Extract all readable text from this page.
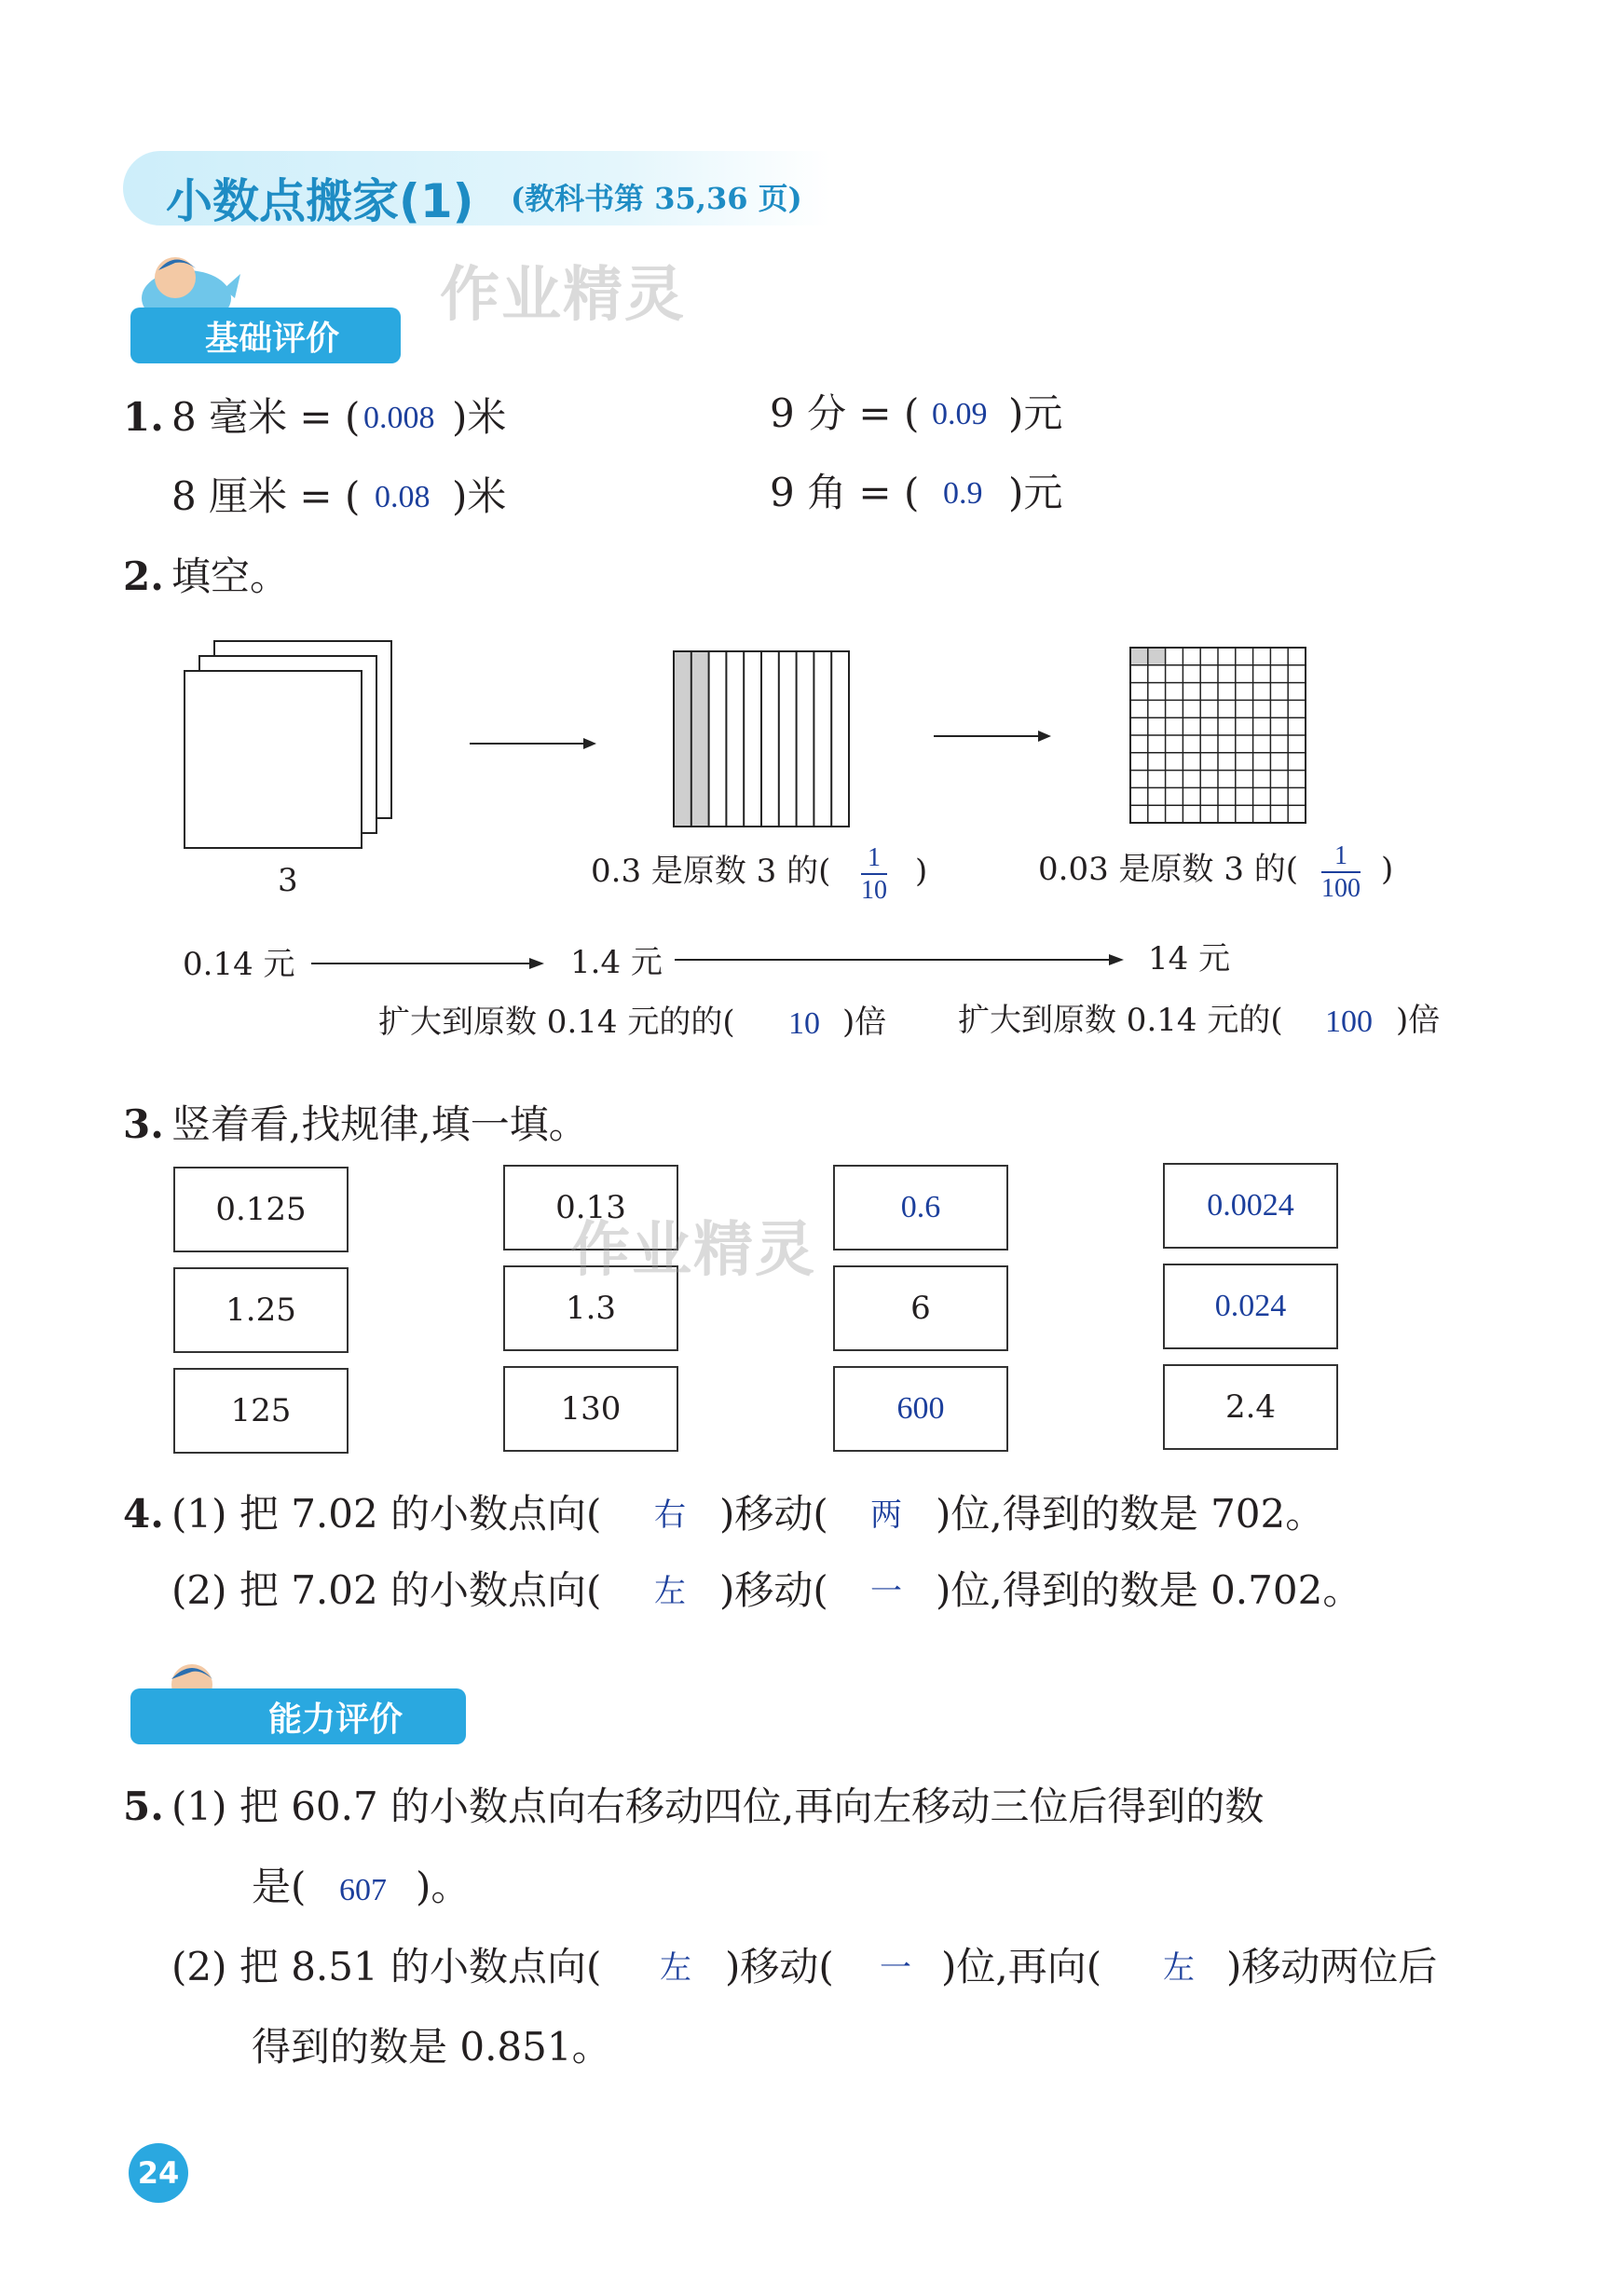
小数点搬家(1) (教科书第 35,36 页)
基础评价
作业精灵
1. 8 毫米 = ( 0.008 )米	9 分 = ( 0.09 )元
8 厘米 = ( 0.08 )米	9 角 = ( 0.9 )元
2. 填空。
3	0.3 是原数 3 的( 1
10
)	0.03 是原数 3 的( 1
100
)
0.14 元	1.4 元	14 元
扩大到原数 0.14 元的的( 10 )倍 扩大到原数 0.14 元的( 100 )倍
3. 竖着看,找规律,填一填。
0.125
1.25
125
0.13
1.3
130
0.6
6
600
0.0024
0.024
2.4
作业精灵
4. (1) 把 7.02 的小数点向( 右 )移动( 两 )位,得到的数是 702。
(2) 把 7.02 的小数点向( 左 )移动( 一 )位,得到的数是 0.702。
能力评价
5. (1) 把 60.7 的小数点向右移动四位,再向左移动三位后得到的数
是( 607 )。
(2) 把 8.51 的小数点向( 左 )移动( 一 )位,再向( 左 )移动两位后
得到的数是 0.851。
24
